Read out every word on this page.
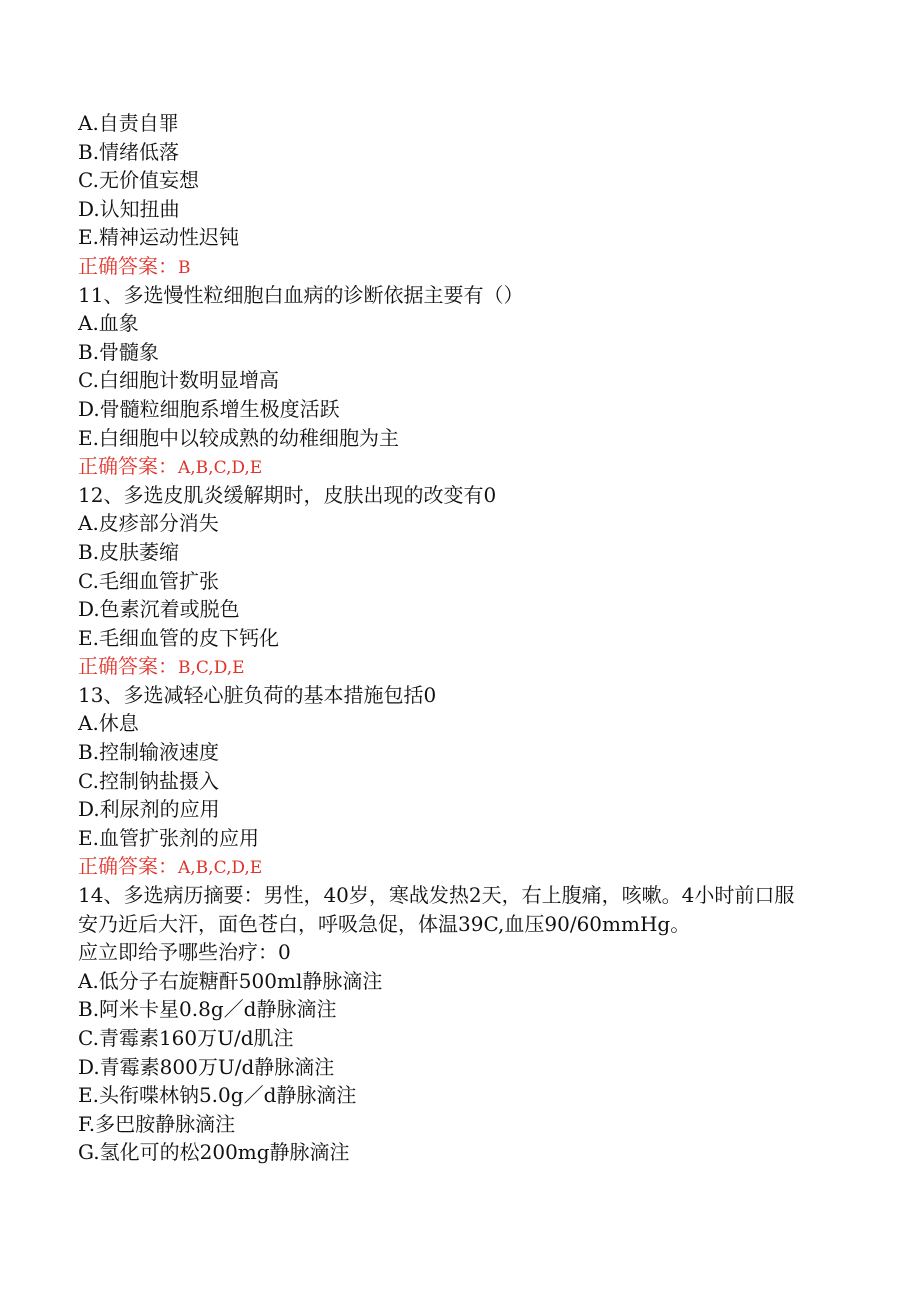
A.自责自罪
B.情绪低落
C.无价值妄想
D.认知扭曲
E.精神运动性迟钝
正确答案：B
11、多选慢性粒细胞白血病的诊断依据主要有（）
A.血象
B.骨髓象
C.白细胞计数明显增高
D.骨髓粒细胞系增生极度活跃
E.白细胞中以较成熟的幼稚细胞为主
正确答案：A,B,C,D,E
12、多选皮肌炎缓解期时，皮肤出现的改变有0
A.皮疹部分消失
B.皮肤萎缩
C.毛细血管扩张
D.色素沉着或脱色
E.毛细血管的皮下钙化
正确答案：B,C,D,E
13、多选减轻心脏负荷的基本措施包括0
A.休息
B.控制输液速度
C.控制钠盐摄入
D.利尿剂的应用
E.血管扩张剂的应用
正确答案：A,B,C,D,E
14、多选病历摘要：男性，40岁，寒战发热2天，右上腹痛，咳嗽。4小时前口服
安乃近后大汗，面色苍白，呼吸急促，体温39C,血压90/60mmHg。
应立即给予哪些治疗：0
A.低分子右旋糖酐500ml静脉滴注
B.阿米卡星0.8g／d静脉滴注
C.青霉素160万U/d肌注
D.青霉素800万U/d静脉滴注
E.头衔喋林钠5.0g／d静脉滴注
F.多巴胺静脉滴注
G.氢化可的松200mg静脉滴注
